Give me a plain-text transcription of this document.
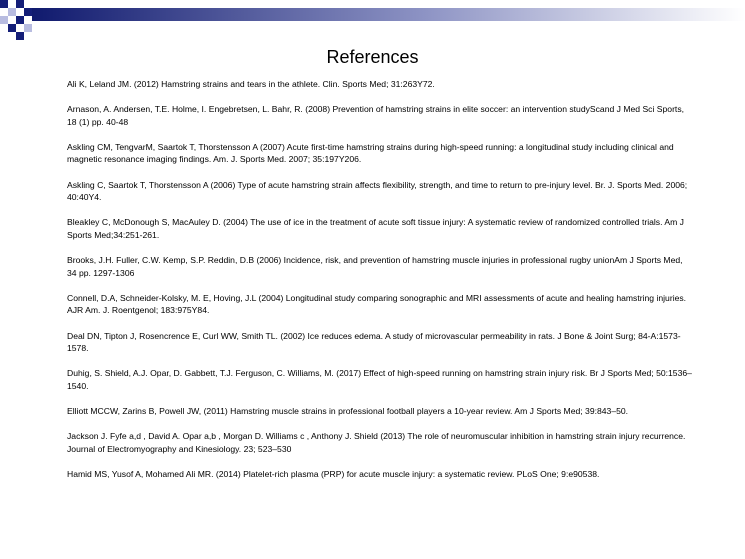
References
Ali K, Leland JM. (2012) Hamstring strains and tears in the athlete. Clin. Sports Med; 31:263Y72.
Arnason, A. Andersen, T.E. Holme, I. Engebretsen, L. Bahr, R. (2008) Prevention of hamstring strains in elite soccer: an intervention studyScand J Med Sci Sports, 18 (1) pp. 40-48
Askling CM, TengvarM, Saartok T, Thorstensson A (2007) Acute first-time hamstring strains during high-speed running: a longitudinal study including clinical and magnetic resonance imaging findings. Am. J. Sports Med. 2007; 35:197Y206.
Askling C, Saartok T, Thorstensson A (2006) Type of acute hamstring strain affects flexibility, strength, and time to return to pre-injury level. Br. J. Sports Med. 2006; 40:40Y4.
Bleakley C, McDonough S, MacAuley D. (2004) The use of ice in the treatment of acute soft tissue injury: A systematic review of randomized controlled trials. Am J Sports Med;34:251-261.
Brooks, J.H. Fuller, C.W. Kemp, S.P. Reddin, D.B (2006) Incidence, risk, and prevention of hamstring muscle injuries in professional rugby unionAm J Sports Med, 34 pp. 1297-1306
Connell, D.A, Schneider-Kolsky, M. E, Hoving, J.L (2004) Longitudinal study comparing sonographic and MRI assessments of acute and healing hamstring injuries. AJR Am. J. Roentgenol; 183:975Y84.
Deal DN, Tipton J, Rosencrence E, Curl WW, Smith TL. (2002) Ice reduces edema. A study of microvascular permeability in rats. J Bone & Joint Surg; 84-A:1573-1578.
Duhig, S. Shield, A.J. Opar, D. Gabbett, T.J. Ferguson, C. Williams, M. (2017) Effect of high-speed running on hamstring strain injury risk. Br J Sports Med; 50:1536–1540.
Elliott MCCW, Zarins B, Powell JW, (2011) Hamstring muscle strains in professional football players a 10-year review. Am J Sports Med; 39:843–50.
Jackson J. Fyfe a,d , David A. Opar a,b , Morgan D. Williams c , Anthony J. Shield (2013) The role of neuromuscular inhibition in hamstring strain injury recurrence. Journal of Electromyography and Kinesiology. 23; 523–530
Hamid MS, Yusof A, Mohamed Ali MR. (2014) Platelet-rich plasma (PRP) for acute muscle injury: a systematic review. PLoS One; 9:e90538.
